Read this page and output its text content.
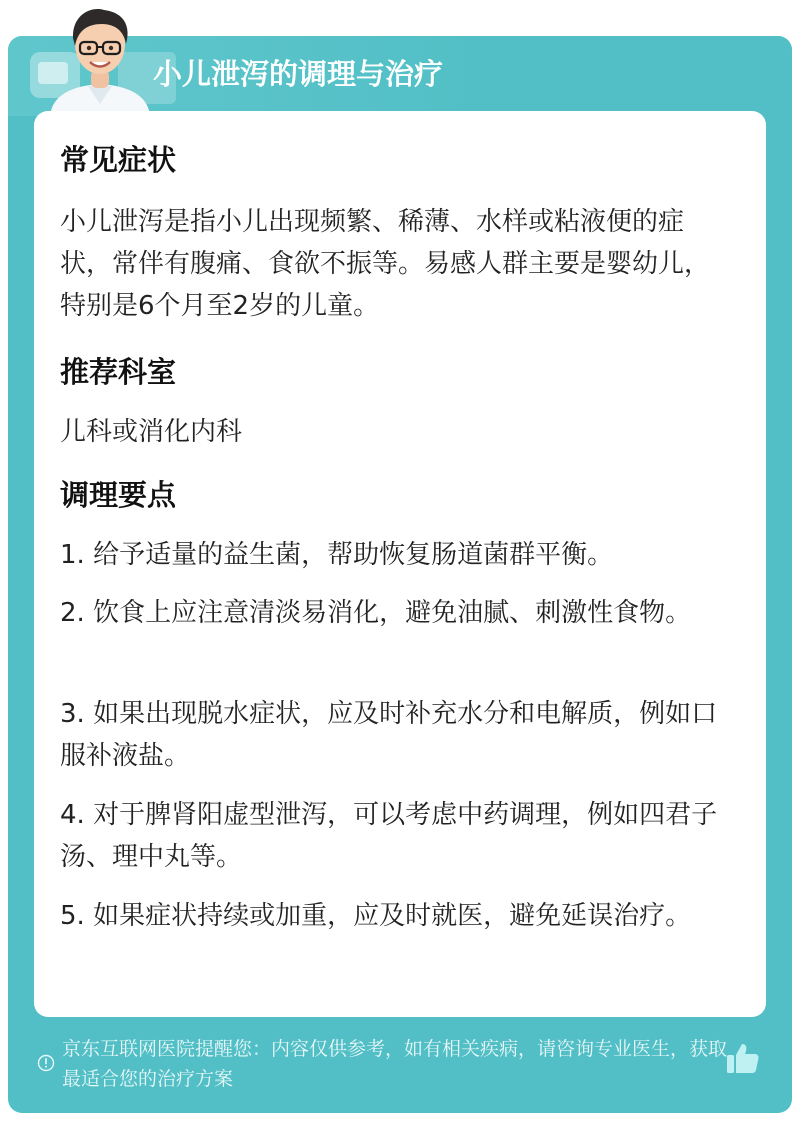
小儿泄泻的调理与治疗
常见症状

小儿泄泻是指小儿出现频繁、稀薄、水样或粘液便的症状，常伴有腹痛、食欲不振等。易感人群主要是婴幼儿，特别是6个月至2岁的儿童。

推荐科室

儿科或消化内科

调理要点

1. 给予适量的益生菌，帮助恢复肠道菌群平衡。

2. 饮食上应注意清淡易消化，避免油腻、刺激性食物。

3. 如果出现脱水症状，应及时补充水分和电解质，例如口服补液盐。

4. 对于脾肾阳虚型泄泻，可以考虑中药调理，例如四君子汤、理中丸等。

5. 如果症状持续或加重，应及时就医，避免延误治疗。

京东互联网医院提醒您：内容仅供参考，如有相关疾病，请咨询专业医生，获取最适合您的治疗方案
